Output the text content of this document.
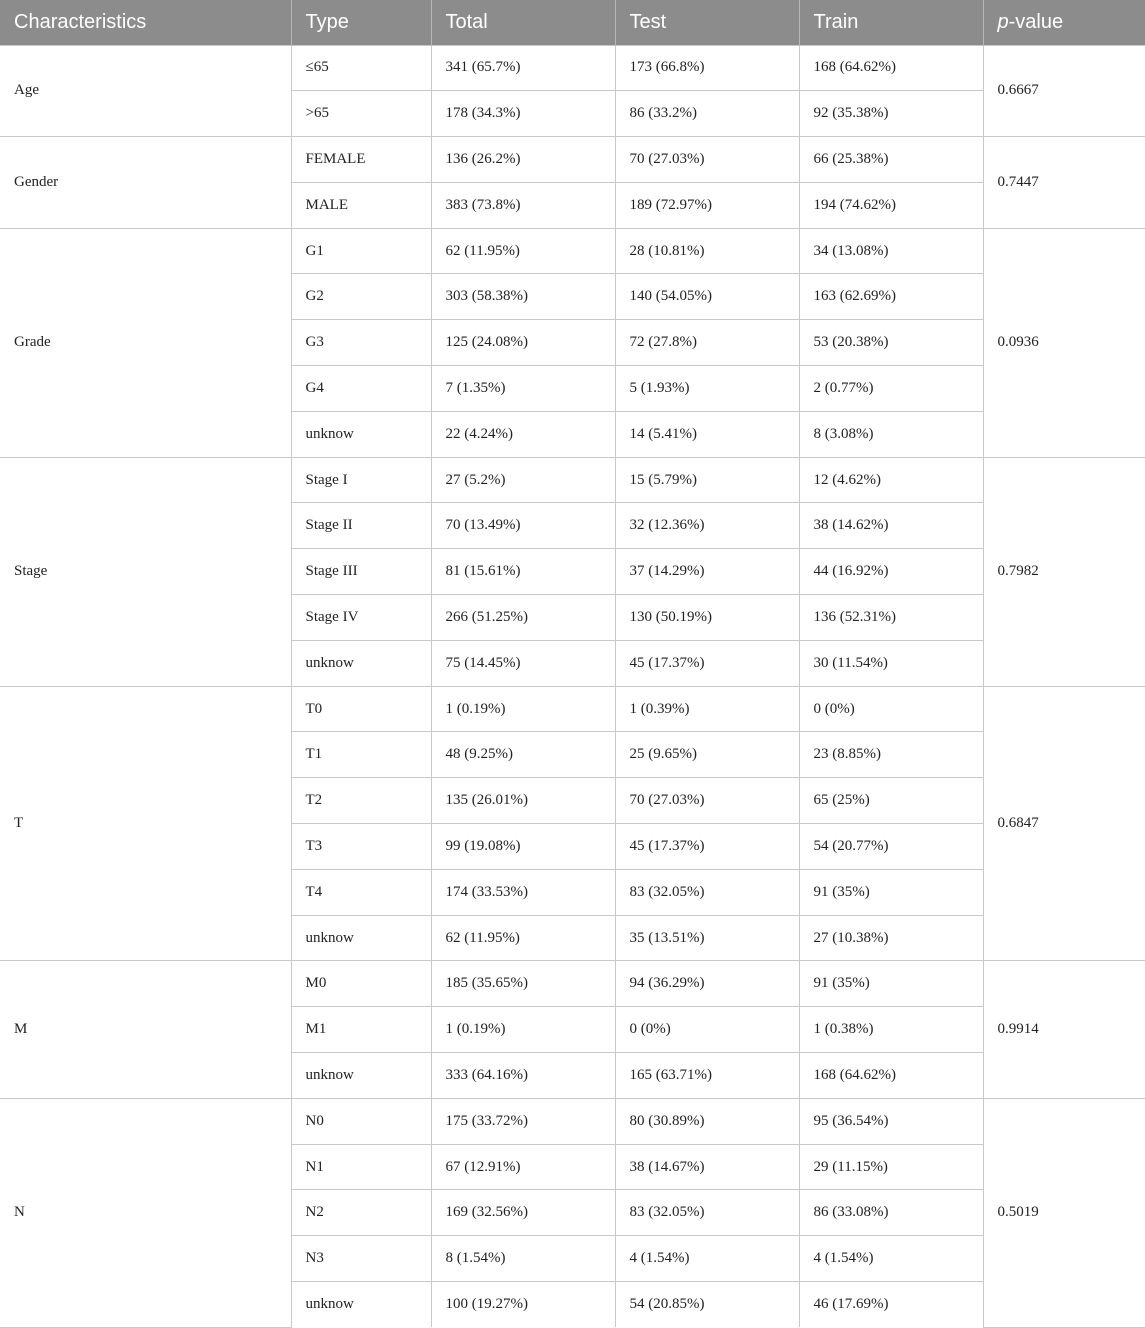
Characteristics	Type	Total	Test	Train	p-value
Age	≤65	341 (65.7%)	173 (66.8%)	168 (64.62%)	0.6667
	>65	178 (34.3%)	86 (33.2%)	92 (35.38%)	
Gender	FEMALE	136 (26.2%)	70 (27.03%)	66 (25.38%)	0.7447
	MALE	383 (73.8%)	189 (72.97%)	194 (74.62%)	
Grade	G1	62 (11.95%)	28 (10.81%)	34 (13.08%)	0.0936
	G2	303 (58.38%)	140 (54.05%)	163 (62.69%)	
	G3	125 (24.08%)	72 (27.8%)	53 (20.38%)	
	G4	7 (1.35%)	5 (1.93%)	2 (0.77%)	
	unknow	22 (4.24%)	14 (5.41%)	8 (3.08%)	
Stage	Stage I	27 (5.2%)	15 (5.79%)	12 (4.62%)	0.7982
	Stage II	70 (13.49%)	32 (12.36%)	38 (14.62%)	
	Stage III	81 (15.61%)	37 (14.29%)	44 (16.92%)	
	Stage IV	266 (51.25%)	130 (50.19%)	136 (52.31%)	
	unknow	75 (14.45%)	45 (17.37%)	30 (11.54%)	
T	T0	1 (0.19%)	1 (0.39%)	0 (0%)	0.6847
	T1	48 (9.25%)	25 (9.65%)	23 (8.85%)	
	T2	135 (26.01%)	70 (27.03%)	65 (25%)	
	T3	99 (19.08%)	45 (17.37%)	54 (20.77%)	
	T4	174 (33.53%)	83 (32.05%)	91 (35%)	
	unknow	62 (11.95%)	35 (13.51%)	27 (10.38%)	
M	M0	185 (35.65%)	94 (36.29%)	91 (35%)	0.9914
	M1	1 (0.19%)	0 (0%)	1 (0.38%)	
	unknow	333 (64.16%)	165 (63.71%)	168 (64.62%)	
N	N0	175 (33.72%)	80 (30.89%)	95 (36.54%)	0.5019
	N1	67 (12.91%)	38 (14.67%)	29 (11.15%)	
	N2	169 (32.56%)	83 (32.05%)	86 (33.08%)	
	N3	8 (1.54%)	4 (1.54%)	4 (1.54%)	
	unknow	100 (19.27%)	54 (20.85%)	46 (17.69%)	
